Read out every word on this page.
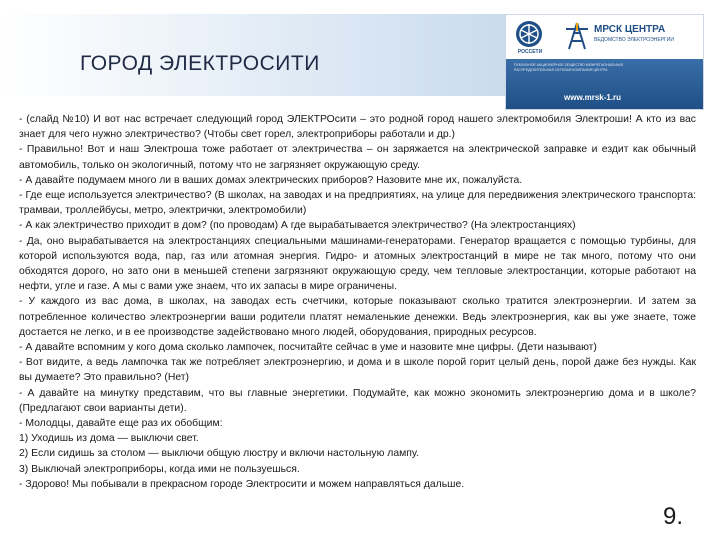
ГОРОД ЭЛЕКТРОСИТИ	РОССЕТИ
МРСК ЦЕНТРА
ВЕДОМСТВО ЭЛЕКТРОЭНЕРГИИ
ПУБЛИЧНОЕ АКЦИОНЕРНОЕ ОБЩЕСТВО МЕЖРЕГИОНАЛЬНАЯ РАСПРЕДЕЛИТЕЛЬНАЯ СЕТЕВАЯ КОМПАНИЯ ЦЕНТРА
www.mrsk-1.ru

- (слайд №10) И вот нас встречает следующий город ЭЛЕКТРОсити – это родной город нашего электромобиля Электроши! А кто из вас знает для чего нужно электричество? (Чтобы свет горел, электроприборы работали и др.)

- Правильно! Вот и наш Электроша тоже работает от электричества – он заряжается на электрической заправке и ездит как обычный автомобиль, только он экологичный, потому что не загрязняет окружающую среду.

- А давайте подумаем много ли в ваших домах электрических приборов? Назовите мне их, пожалуйста.

- Где еще используется электричество? (В школах, на заводах и на предприятиях, на улице для передвижения электрического транспорта: трамваи, троллейбусы, метро, электрички, электромобили)

- А как электричество приходит в дом? (по проводам) А где вырабатывается электричество? (На электростанциях)

- Да, оно вырабатывается на электростанциях специальными машинами-генераторами. Генератор вращается с помощью турбины, для которой используются вода, пар, газ или атомная энергия. Гидро- и атомных электростанций в мире не так много, потому что они обходятся дорого, но зато они в меньшей степени загрязняют окружающую среду, чем тепловые электростанции, которые работают на нефти, угле и газе. А мы с вами уже знаем, что их запасы в мире ограничены.

- У каждого из вас дома, в школах, на заводах есть счетчики, которые показывают сколько тратится электроэнергии. И затем за потребленное количество электроэнергии ваши родители платят немаленькие денежки. Ведь электроэнергия, как вы уже знаете, тоже достается не легко, и в ее производстве задействовано много людей, оборудования, природных ресурсов.

- А давайте вспомним у кого дома сколько лампочек, посчитайте сейчас в уме и назовите мне цифры. (Дети называют)

- Вот видите, а ведь лампочка так же потребляет электроэнергию, и дома и в школе порой горит целый день, порой даже без нужды. Как вы думаете? Это правильно? (Нет)

- А давайте на минутку представим, что вы главные энергетики. Подумайте, как можно экономить электроэнергию дома и в школе? (Предлагают свои варианты дети).

- Молодцы, давайте еще раз их обобщим:

1) Уходишь из дома — выключи свет.

2) Если сидишь за столом — выключи общую люстру и включи настольную лампу.

3) Выключай электроприборы, когда ими не пользуешься.

- Здорово! Мы побывали в прекрасном городе Электросити и можем направляться дальше.

9.
